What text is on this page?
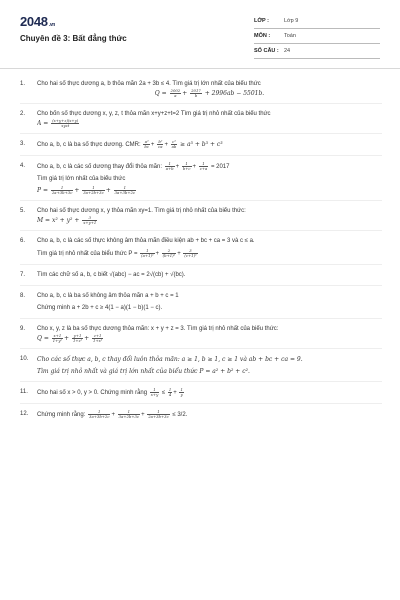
2048.vn
Chuyên đề 3: Bất đẳng thức
LỚP :	Lớp 9
MÔN :	Toán
SỐ CÂU : 24
1.	Cho hai số thực dương a, b thỏa mãn 2a + 3b ≤ 4. Tìm giá trị lớn nhất của biểu thức
$Q = \frac{2002}{a} + \frac{2017}{b} + 2996ab - 5501b$.
2.	Cho bốn số thực dương x, y, z, t thỏa mãn x+y+z+t=2 Tìm giá trị nhỏ nhất của biểu thức
$A = \frac{(x+y+z)(x+y)}{\text{xyzt}}$
3.	Cho a, b, c là ba số thực dương. CMR: $\frac{\text{a⁵}}{bc} + \frac{\text{b⁵}}{ca} + \frac{\text{c⁵}}{ab} \ge a^3 + b^3 + c^3$
4.	Cho a, b, c là các số dương thay đổi thỏa mãn: $\frac{1}{a+b} + \frac{1}{b+c} + \frac{1}{c+a} = 2017$
Tìm giá trị lớn nhất của biểu thức
$P = \frac{1}{2a+3b+3c} + \frac{1}{3a+2b+3c} + \frac{1}{3a+3b+2c}$
5.	Cho hai số thực dương x, y thỏa mãn xy=1. Tìm giá trị nhỏ nhất của biểu thức:
$M = x^2 + y^2 + \frac{3}{x+y+1}$
6.	Cho a, b, c là các số thực không âm thỏa mãn điều kiện ab + bc + ca = 3 và c ≤ a.
Tìm giá trị nhỏ nhất của biểu thức $P = \frac{1}{\text{(a+1)²}} + \frac{2}{\text{(b+1)²}} + \frac{3}{\text{(c+1)²}}$
7.	Tìm các chữ số a, b, c biết √(abc) − ac = 2√(cb) + √(bc).
8.	Cho a, b, c là ba số không âm thỏa mãn a + b + c = 1
Chứng minh a + 2b + c ≥ 4(1 − a)(1 − b)(1 − c).
9.	Cho x, y, z là ba số thực dương thỏa mãn: x + y + z = 3. Tìm giá trị nhỏ nhất của biểu thức:
$Q = \frac{x+1}{\text{1+y²}} + \frac{y+1}{\text{1+z²}} + \frac{z+1}{\text{1+x²}}$
10.	Cho các số thực a, b, c thay đổi luôn thỏa mãn: a ≥ 1, b ≥ 1, c ≥ 1 và ab + bc + ca = 9.
Tìm giá trị nhỏ nhất và giá trị lớn nhất của biểu thức P = a² + b² + c².
11.	Cho hai số x > 0, y > 0. Chứng minh rằng $\frac{1}{x+y} \le \frac{1}{4} + \frac{1}{y}$
12.	Chứng minh rằng: $\frac{1}{3a+3b+2c} + \frac{1}{3a+2b+3c} + \frac{1}{2a+3b+3c} \le 3/2$.
